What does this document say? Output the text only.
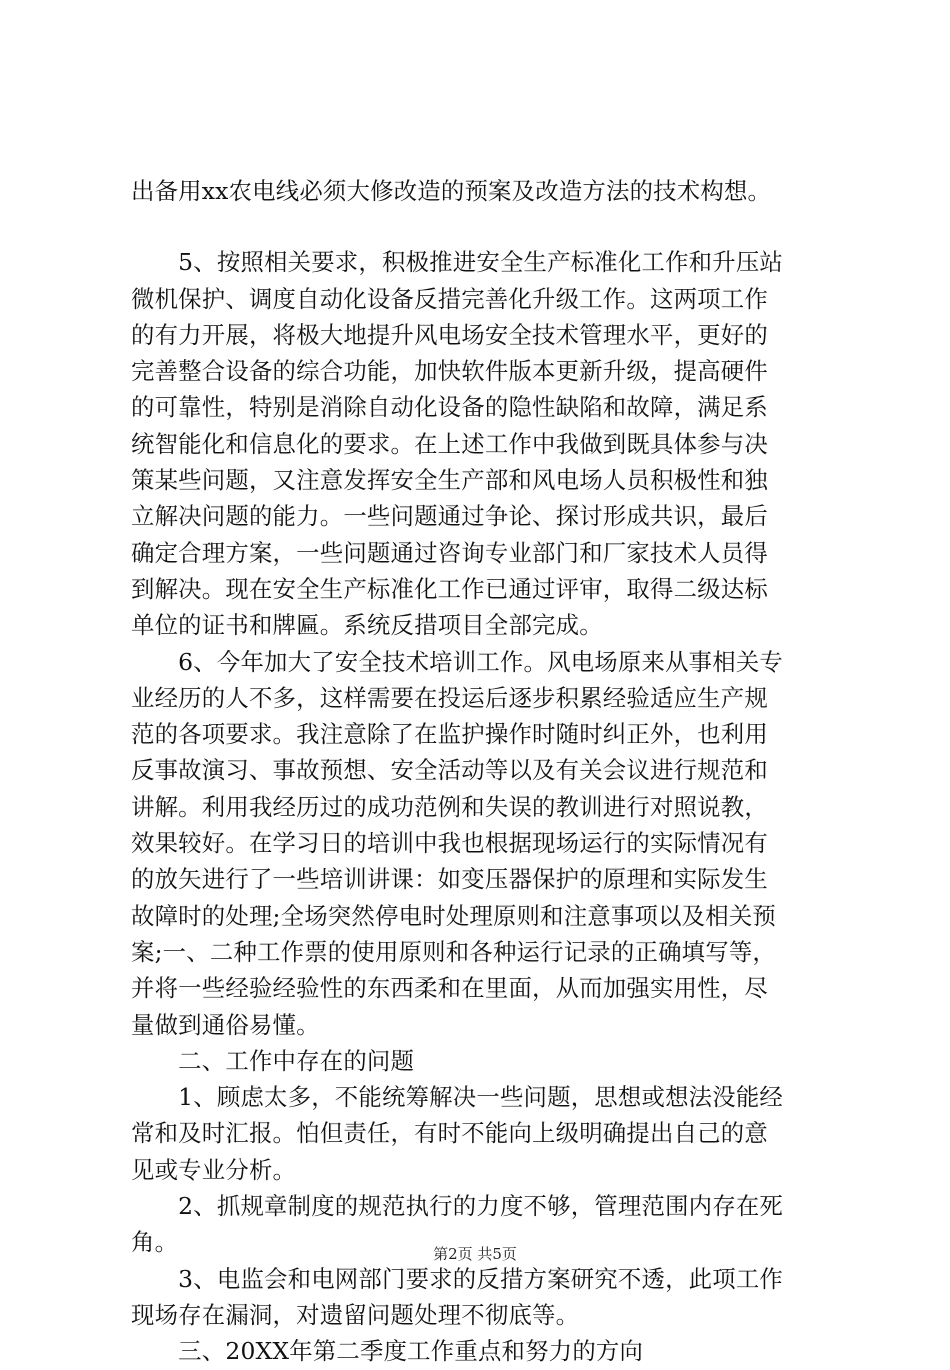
出备用xx农电线必须大修改造的预案及改造方法的技术构想。
　　5、按照相关要求，积极推进安全生产标准化工作和升压站
微机保护、调度自动化设备反措完善化升级工作。这两项工作
的有力开展，将极大地提升风电场安全技术管理水平，更好的
完善整合设备的综合功能，加快软件版本更新升级，提高硬件
的可靠性，特别是消除自动化设备的隐性缺陷和故障，满足系
统智能化和信息化的要求。在上述工作中我做到既具体参与决
策某些问题，又注意发挥安全生产部和风电场人员积极性和独
立解决问题的能力。一些问题通过争论、探讨形成共识，最后
确定合理方案，一些问题通过咨询专业部门和厂家技术人员得
到解决。现在安全生产标准化工作已通过评审，取得二级达标
单位的证书和牌匾。系统反措项目全部完成。
　　6、今年加大了安全技术培训工作。风电场原来从事相关专
业经历的人不多，这样需要在投运后逐步积累经验适应生产规
范的各项要求。我注意除了在监护操作时随时纠正外，也利用
反事故演习、事故预想、安全活动等以及有关会议进行规范和
讲解。利用我经历过的成功范例和失误的教训进行对照说教，
效果较好。在学习日的培训中我也根据现场运行的实际情况有
的放矢进行了一些培训讲课：如变压器保护的原理和实际发生
故障时的处理;全场突然停电时处理原则和注意事项以及相关预
案;一、二种工作票的使用原则和各种运行记录的正确填写等，
并将一些经验经验性的东西柔和在里面，从而加强实用性，尽
量做到通俗易懂。
　　二、工作中存在的问题
　　1、顾虑太多，不能统筹解决一些问题，思想或想法没能经
常和及时汇报。怕但责任，有时不能向上级明确提出自己的意
见或专业分析。
　　2、抓规章制度的规范执行的力度不够，管理范围内存在死
角。
　　3、电监会和电网部门要求的反措方案研究不透，此项工作
现场存在漏洞，对遗留问题处理不彻底等。
　　三、20XX年第二季度工作重点和努力的方向
第2页 共5页
